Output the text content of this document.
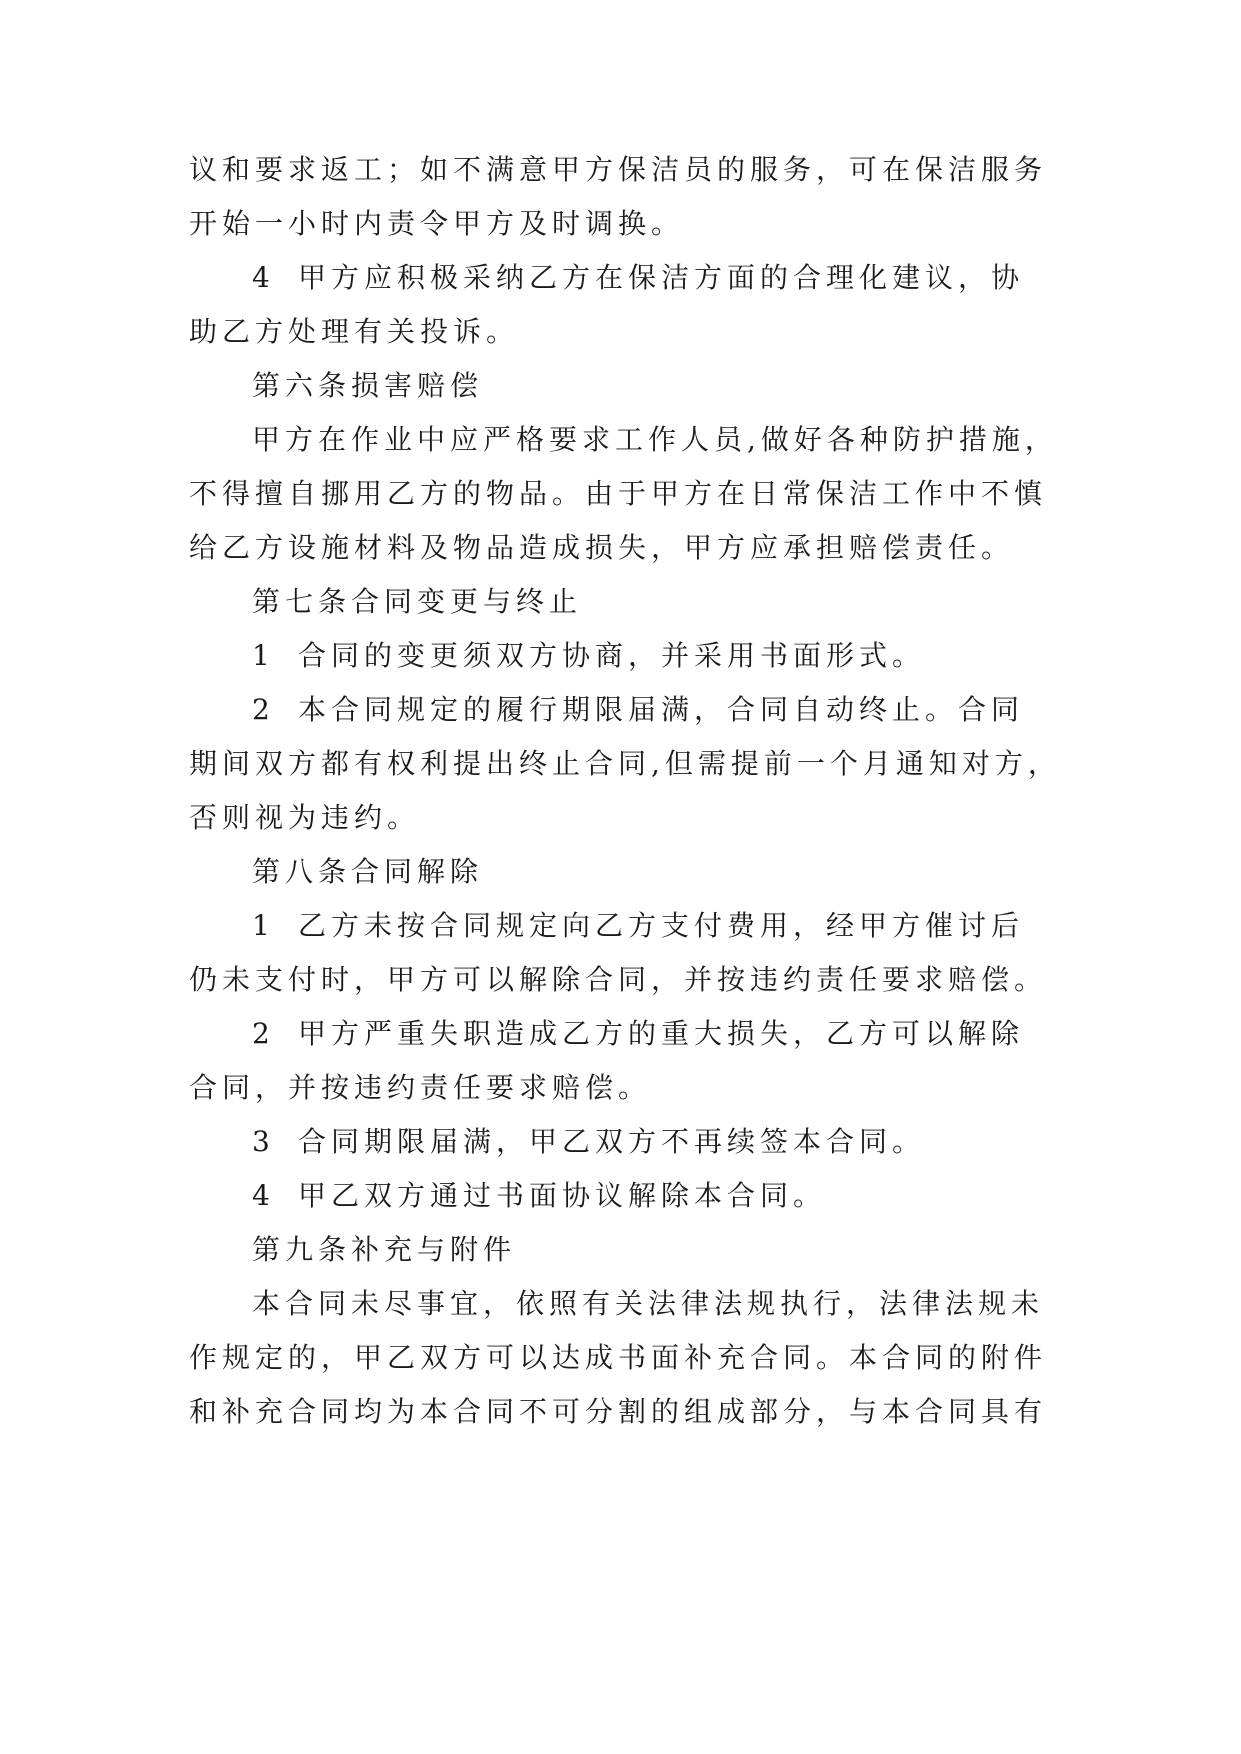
议和要求返工；如不满意甲方保洁员的服务，可在保洁服务
开始一小时内责令甲方及时调换。
4 甲方应积极采纳乙方在保洁方面的合理化建议，协
助乙方处理有关投诉。
第六条损害赔偿
甲方在作业中应严格要求工作人员,做好各种防护措施，
不得擅自挪用乙方的物品。由于甲方在日常保洁工作中不慎
给乙方设施材料及物品造成损失，甲方应承担赔偿责任。
第七条合同变更与终止
1 合同的变更须双方协商，并采用书面形式。
2 本合同规定的履行期限届满，合同自动终止。合同
期间双方都有权利提出终止合同,但需提前一个月通知对方，
否则视为违约。
第八条合同解除
1 乙方未按合同规定向乙方支付费用，经甲方催讨后
仍未支付时，甲方可以解除合同，并按违约责任要求赔偿。
2 甲方严重失职造成乙方的重大损失，乙方可以解除
合同，并按违约责任要求赔偿。
3 合同期限届满，甲乙双方不再续签本合同。
4 甲乙双方通过书面协议解除本合同。
第九条补充与附件
本合同未尽事宜，依照有关法律法规执行，法律法规未
作规定的，甲乙双方可以达成书面补充合同。本合同的附件
和补充合同均为本合同不可分割的组成部分，与本合同具有
